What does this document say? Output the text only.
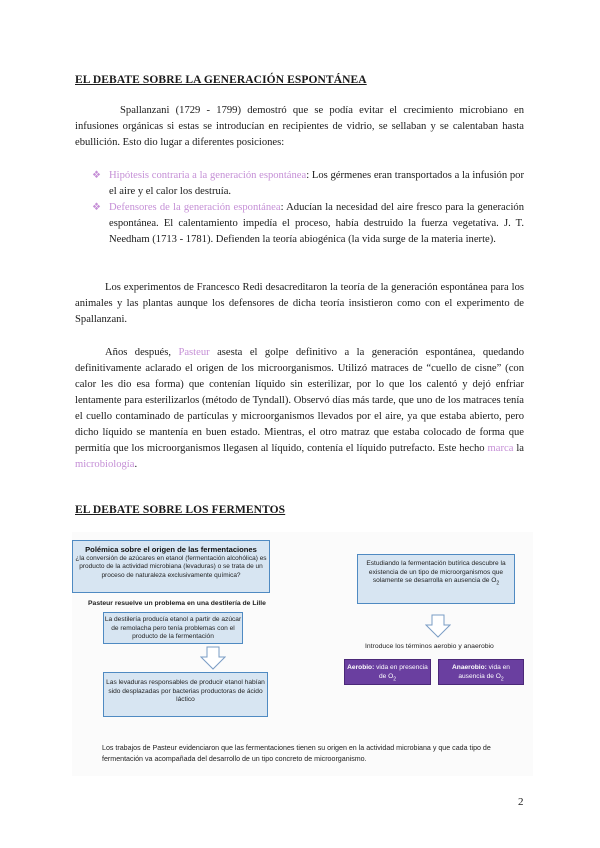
EL DEBATE SOBRE LA GENERACIÓN ESPONTÁNEA

Spallanzani (1729 - 1799) demostró que se podía evitar el crecimiento microbiano en infusiones orgánicas si estas se introducían en recipientes de vidrio, se sellaban y se calentaban hasta ebullición. Esto dio lugar a diferentes posiciones:

❖ Hipótesis contraria a la generación espontánea: Los gérmenes eran transportados a la infusión por el aire y el calor los destruía.
❖ Defensores de la generación espontánea: Aducían la necesidad del aire fresco para la generación espontánea. El calentamiento impedía el proceso, había destruido la fuerza vegetativa. J. T. Needham (1713 - 1781). Defienden la teoría abiogénica (la vida surge de la materia inerte).

Los experimentos de Francesco Redi desacreditaron la teoría de la generación espontánea para los animales y las plantas aunque los defensores de dicha teoría insistieron como con el experimento de Spallanzani.

Años después, Pasteur asesta el golpe definitivo a la generación espontánea, quedando definitivamente aclarado el origen de los microorganismos. Utilizó matraces de “cuello de cisne” (con calor les dio esa forma) que contenían líquido sin esterilizar, por lo que los calentó y dejó enfriar lentamente para esterilizarlos (método de Tyndall). Observó días más tarde, que uno de los matraces tenía el cuello contaminado de partículas y microorganismos llevados por el aire, ya que estaba abierto, pero dicho líquido se mantenía en buen estado. Mientras, el otro matraz que estaba colocado de forma que permitía que los microorganismos llegasen al líquido, contenía el líquido putrefacto. Este hecho marca la microbiología.

EL DEBATE SOBRE LOS FERMENTOS
Polémica sobre el origen de las fermentaciones
¿la conversión de azúcares en etanol (fermentación alcohólica) es producto de la actividad microbiana (levaduras) o se trata de un proceso de naturaleza exclusivamente química?
Pasteur resuelve un problema en una destilería de Lille
La destilería producía etanol a partir de azúcar de remolacha pero tenía problemas con el producto de la fermentación
Las levaduras responsables de producir etanol habían sido desplazadas por bacterias productoras de ácido láctico
Estudiando la fermentación butírica descubre la existencia de un tipo de microorganismos que solamente se desarrolla en ausencia de $O_2$
Introduce los términos aerobio y anaerobio
Aerobio: vida en presencia de $O_2$
Anaerobio: vida en ausencia de $O_2$
Los trabajos de Pasteur evidenciaron que las fermentaciones tienen su origen en la actividad microbiana y que cada tipo de fermentación va acompañada del desarrollo de un tipo concreto de microorganismo.
2
